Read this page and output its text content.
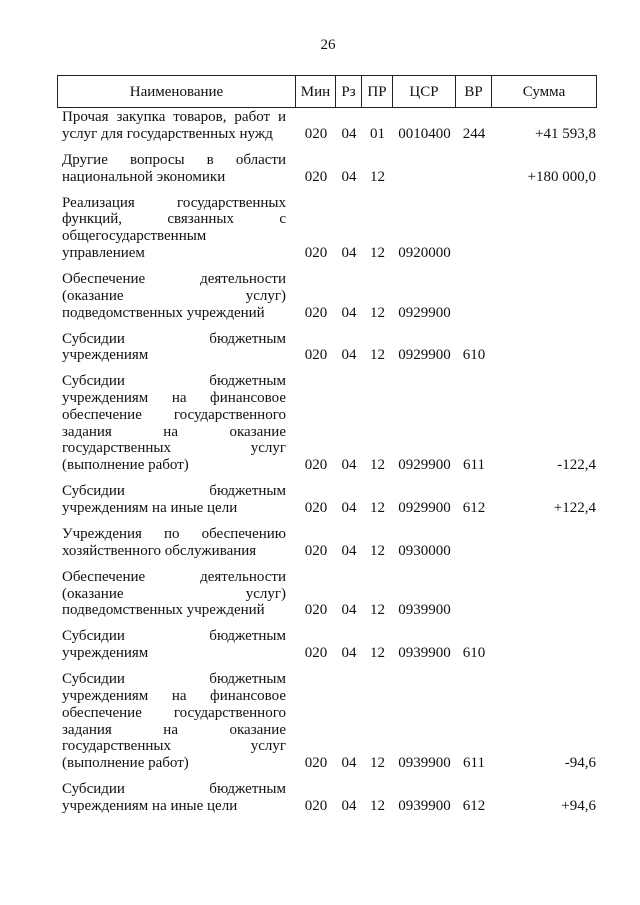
26
Наименование	Мин Рз ПР	ЦСР	ВР	Сумма
Прочая закупка товаров, работ и
услуг для государственных нужд	020 04 01 0010400 244	+41 593,8
Другие вопросы в области
национальной экономики	020 04 12	+180 000,0
Реализация государственных
функций, связанных с
общегосударственным
управлением	020 04 12 0920000
Обеспечение деятельности
(оказание услуг)
подведомственных учреждений	020 04 12 0929900
Субсидии бюджетным
учреждениям	020 04 12 0929900 610
Субсидии бюджетным
учреждениям на финансовое
обеспечение государственного
задания на оказание
государственных услуг
(выполнение работ)	020 04 12 0929900 611	-122,4
Субсидии бюджетным
учреждениям на иные цели	020 04 12 0929900 612	+122,4
Учреждения по обеспечению
хозяйственного обслуживания	020 04 12 0930000
Обеспечение деятельности
(оказание услуг)
подведомственных учреждений	020 04 12 0939900
Субсидии бюджетным
учреждениям	020 04 12 0939900 610
Субсидии бюджетным
учреждениям на финансовое
обеспечение государственного
задания на оказание
государственных услуг
(выполнение работ)	020 04 12 0939900 611	-94,6
Субсидии бюджетным
учреждениям на иные цели	020 04 12 0939900 612	+94,6
